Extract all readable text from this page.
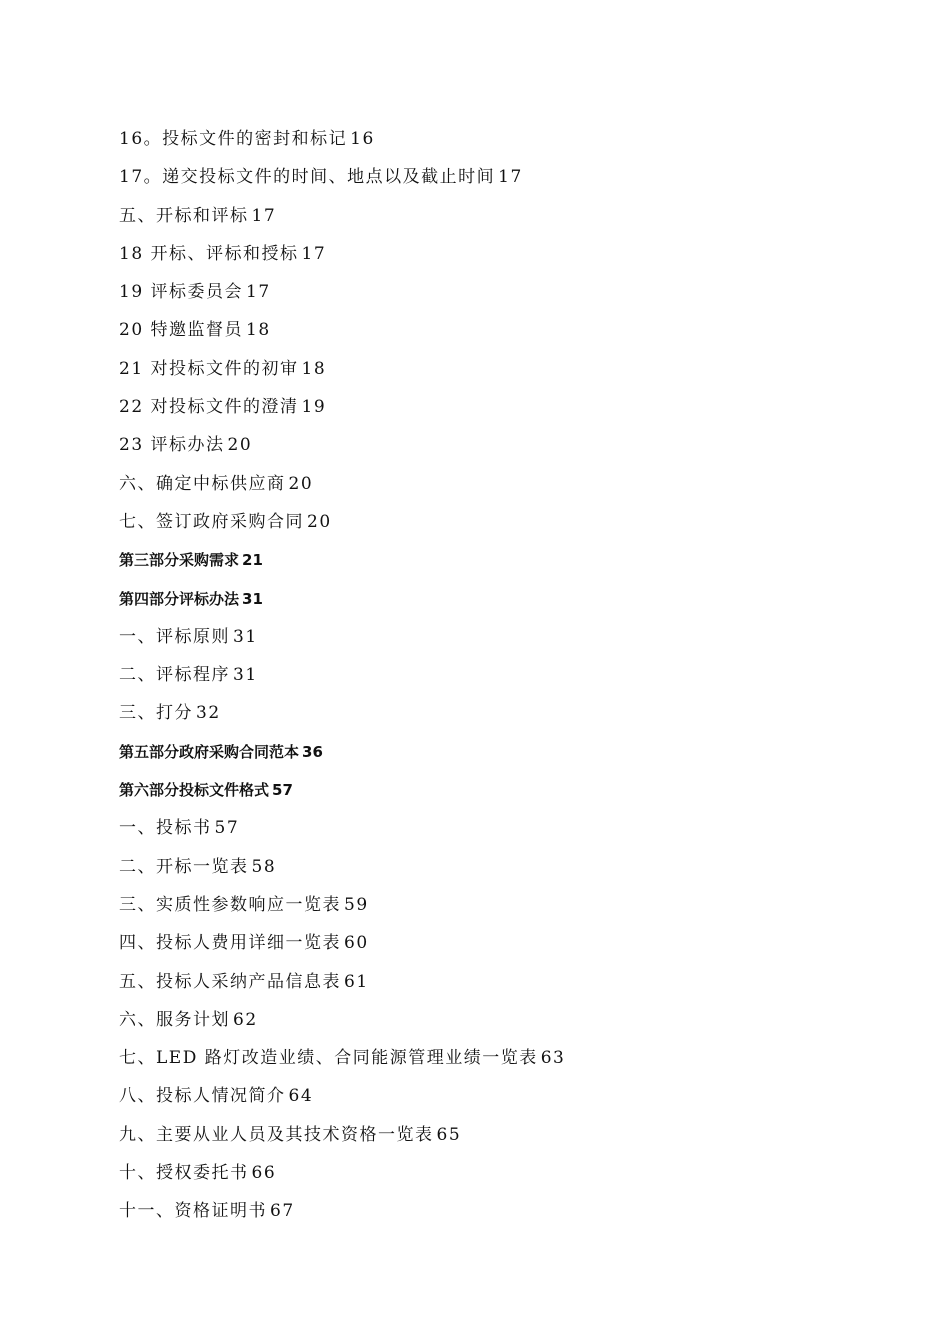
16。投标文件的密封和标记 16
17。递交投标文件的时间、地点以及截止时间 17
五、开标和评标 17
18 开标、评标和授标 17
19 评标委员会 17
20 特邀监督员 18
21 对投标文件的初审 18
22 对投标文件的澄清 19
23 评标办法 20
六、确定中标供应商 20
七、签订政府采购合同 20
第三部分采购需求 21
第四部分评标办法 31
一、评标原则 31
二、评标程序 31
三、打分 32
第五部分政府采购合同范本 36
第六部分投标文件格式 57
一、投标书 57
二、开标一览表 58
三、实质性参数响应一览表 59
四、投标人费用详细一览表 60
五、投标人采纳产品信息表 61
六、服务计划 62
七、LED 路灯改造业绩、合同能源管理业绩一览表 63
八、投标人情况简介 64
九、主要从业人员及其技术资格一览表 65
十、授权委托书 66
十一、资格证明书 67
